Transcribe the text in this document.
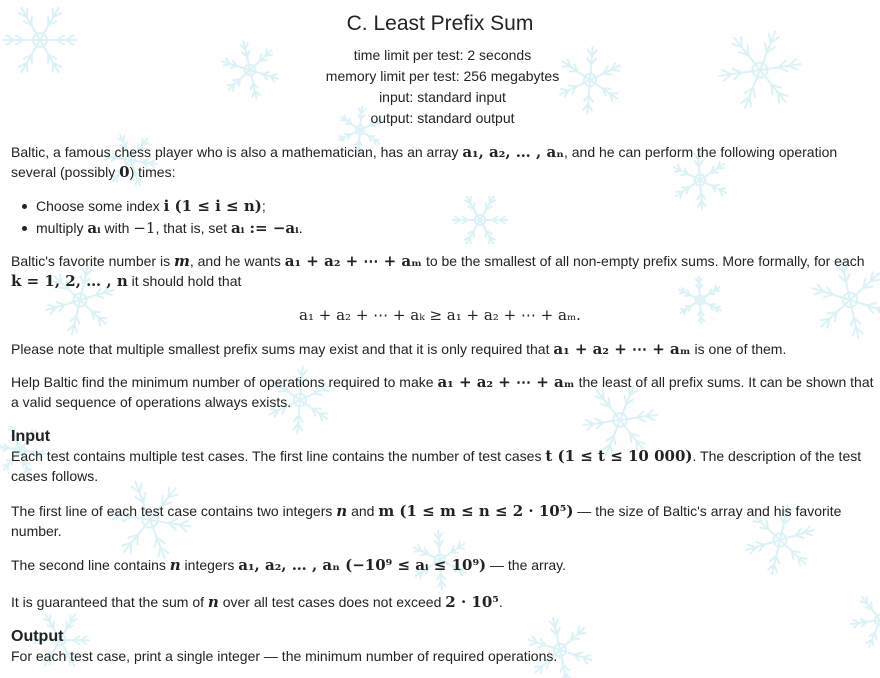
C. Least Prefix Sum
time limit per test: 2 seconds
memory limit per test: 256 megabytes
input: standard input
output: standard output
Baltic, a famous chess player who is also a mathematician, has an array a₁, a₂, … , aₙ, and he can perform the following operation several (possibly 0) times:
Choose some index i (1 ≤ i ≤ n);
multiply aᵢ with −1, that is, set aᵢ := −aᵢ.
Baltic's favorite number is m, and he wants a₁ + a₂ + ⋯ + aₘ to be the smallest of all non-empty prefix sums. More formally, for each k = 1, 2, … , n it should hold that
a₁ + a₂ + ⋯ + aₖ ≥ a₁ + a₂ + ⋯ + aₘ.
Please note that multiple smallest prefix sums may exist and that it is only required that a₁ + a₂ + ⋯ + aₘ is one of them.
Help Baltic find the minimum number of operations required to make a₁ + a₂ + ⋯ + aₘ the least of all prefix sums. It can be shown that a valid sequence of operations always exists.
Input
Each test contains multiple test cases. The first line contains the number of test cases t (1 ≤ t ≤ 10 000). The description of the test cases follows.
The first line of each test case contains two integers n and m (1 ≤ m ≤ n ≤ 2 · 10⁵) — the size of Baltic's array and his favorite number.
The second line contains n integers a₁, a₂, … , aₙ (−10⁹ ≤ aᵢ ≤ 10⁹) — the array.
It is guaranteed that the sum of n over all test cases does not exceed 2 · 10⁵.
Output
For each test case, print a single integer — the minimum number of required operations.
